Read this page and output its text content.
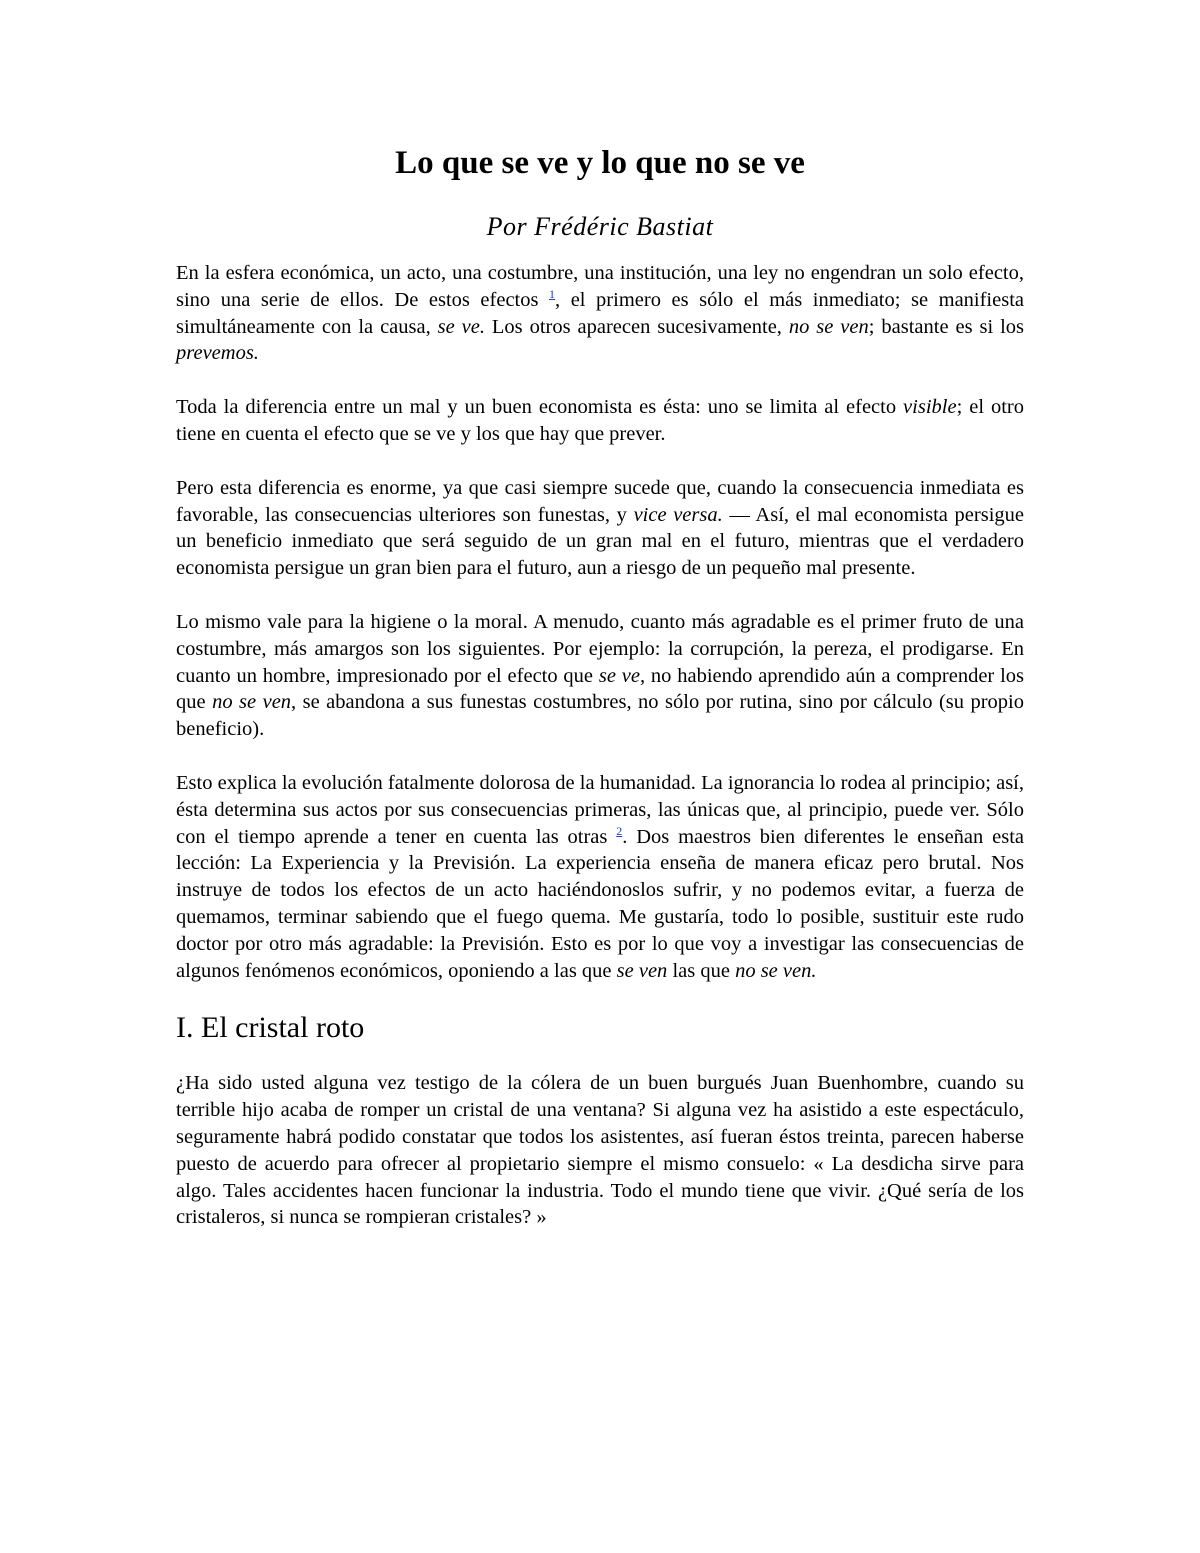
Lo que se ve y lo que no se ve

Por Frédéric Bastiat

En la esfera económica, un acto, una costumbre, una institución, una ley no engendran un solo efecto, sino una serie de ellos. De estos efectos $^1$, el primero es sólo el más inmediato; se manifiesta simultáneamente con la causa, se ve. Los otros aparecen sucesivamente, no se ven; bastante es si los prevemos.

Toda la diferencia entre un mal y un buen economista es ésta: uno se limita al efecto visible; el otro tiene en cuenta el efecto que se ve y los que hay que prever.

Pero esta diferencia es enorme, ya que casi siempre sucede que, cuando la consecuencia inmediata es favorable, las consecuencias ulteriores son funestas, y vice versa. — Así, el mal economista persigue un beneficio inmediato que será seguido de un gran mal en el futuro, mientras que el verdadero economista persigue un gran bien para el futuro, aun a riesgo de un pequeño mal presente.

Lo mismo vale para la higiene o la moral. A menudo, cuanto más agradable es el primer fruto de una costumbre, más amargos son los siguientes. Por ejemplo: la corrupción, la pereza, el prodigarse. En cuanto un hombre, impresionado por el efecto que se ve, no habiendo aprendido aún a comprender los que no se ven, se abandona a sus funestas costumbres, no sólo por rutina, sino por cálculo (su propio beneficio).

Esto explica la evolución fatalmente dolorosa de la humanidad. La ignorancia lo rodea al principio; así, ésta determina sus actos por sus consecuencias primeras, las únicas que, al principio, puede ver. Sólo con el tiempo aprende a tener en cuenta las otras $^2$. Dos maestros bien diferentes le enseñan esta lección: La Experiencia y la Previsión. La experiencia enseña de manera eficaz pero brutal. Nos instruye de todos los efectos de un acto haciéndonoslos sufrir, y no podemos evitar, a fuerza de quemamos, terminar sabiendo que el fuego quema. Me gustaría, todo lo posible, sustituir este rudo doctor por otro más agradable: la Previsión. Esto es por lo que voy a investigar las consecuencias de algunos fenómenos económicos, oponiendo a las que se ven las que no se ven.

I. El cristal roto

¿Ha sido usted alguna vez testigo de la cólera de un buen burgués Juan Buenhombre, cuando su terrible hijo acaba de romper un cristal de una ventana? Si alguna vez ha asistido a este espectáculo, seguramente habrá podido constatar que todos los asistentes, así fueran éstos treinta, parecen haberse puesto de acuerdo para ofrecer al propietario siempre el mismo consuelo: « La desdicha sirve para algo. Tales accidentes hacen funcionar la industria. Todo el mundo tiene que vivir. ¿Qué sería de los cristaleros, si nunca se rompieran cristales? »
